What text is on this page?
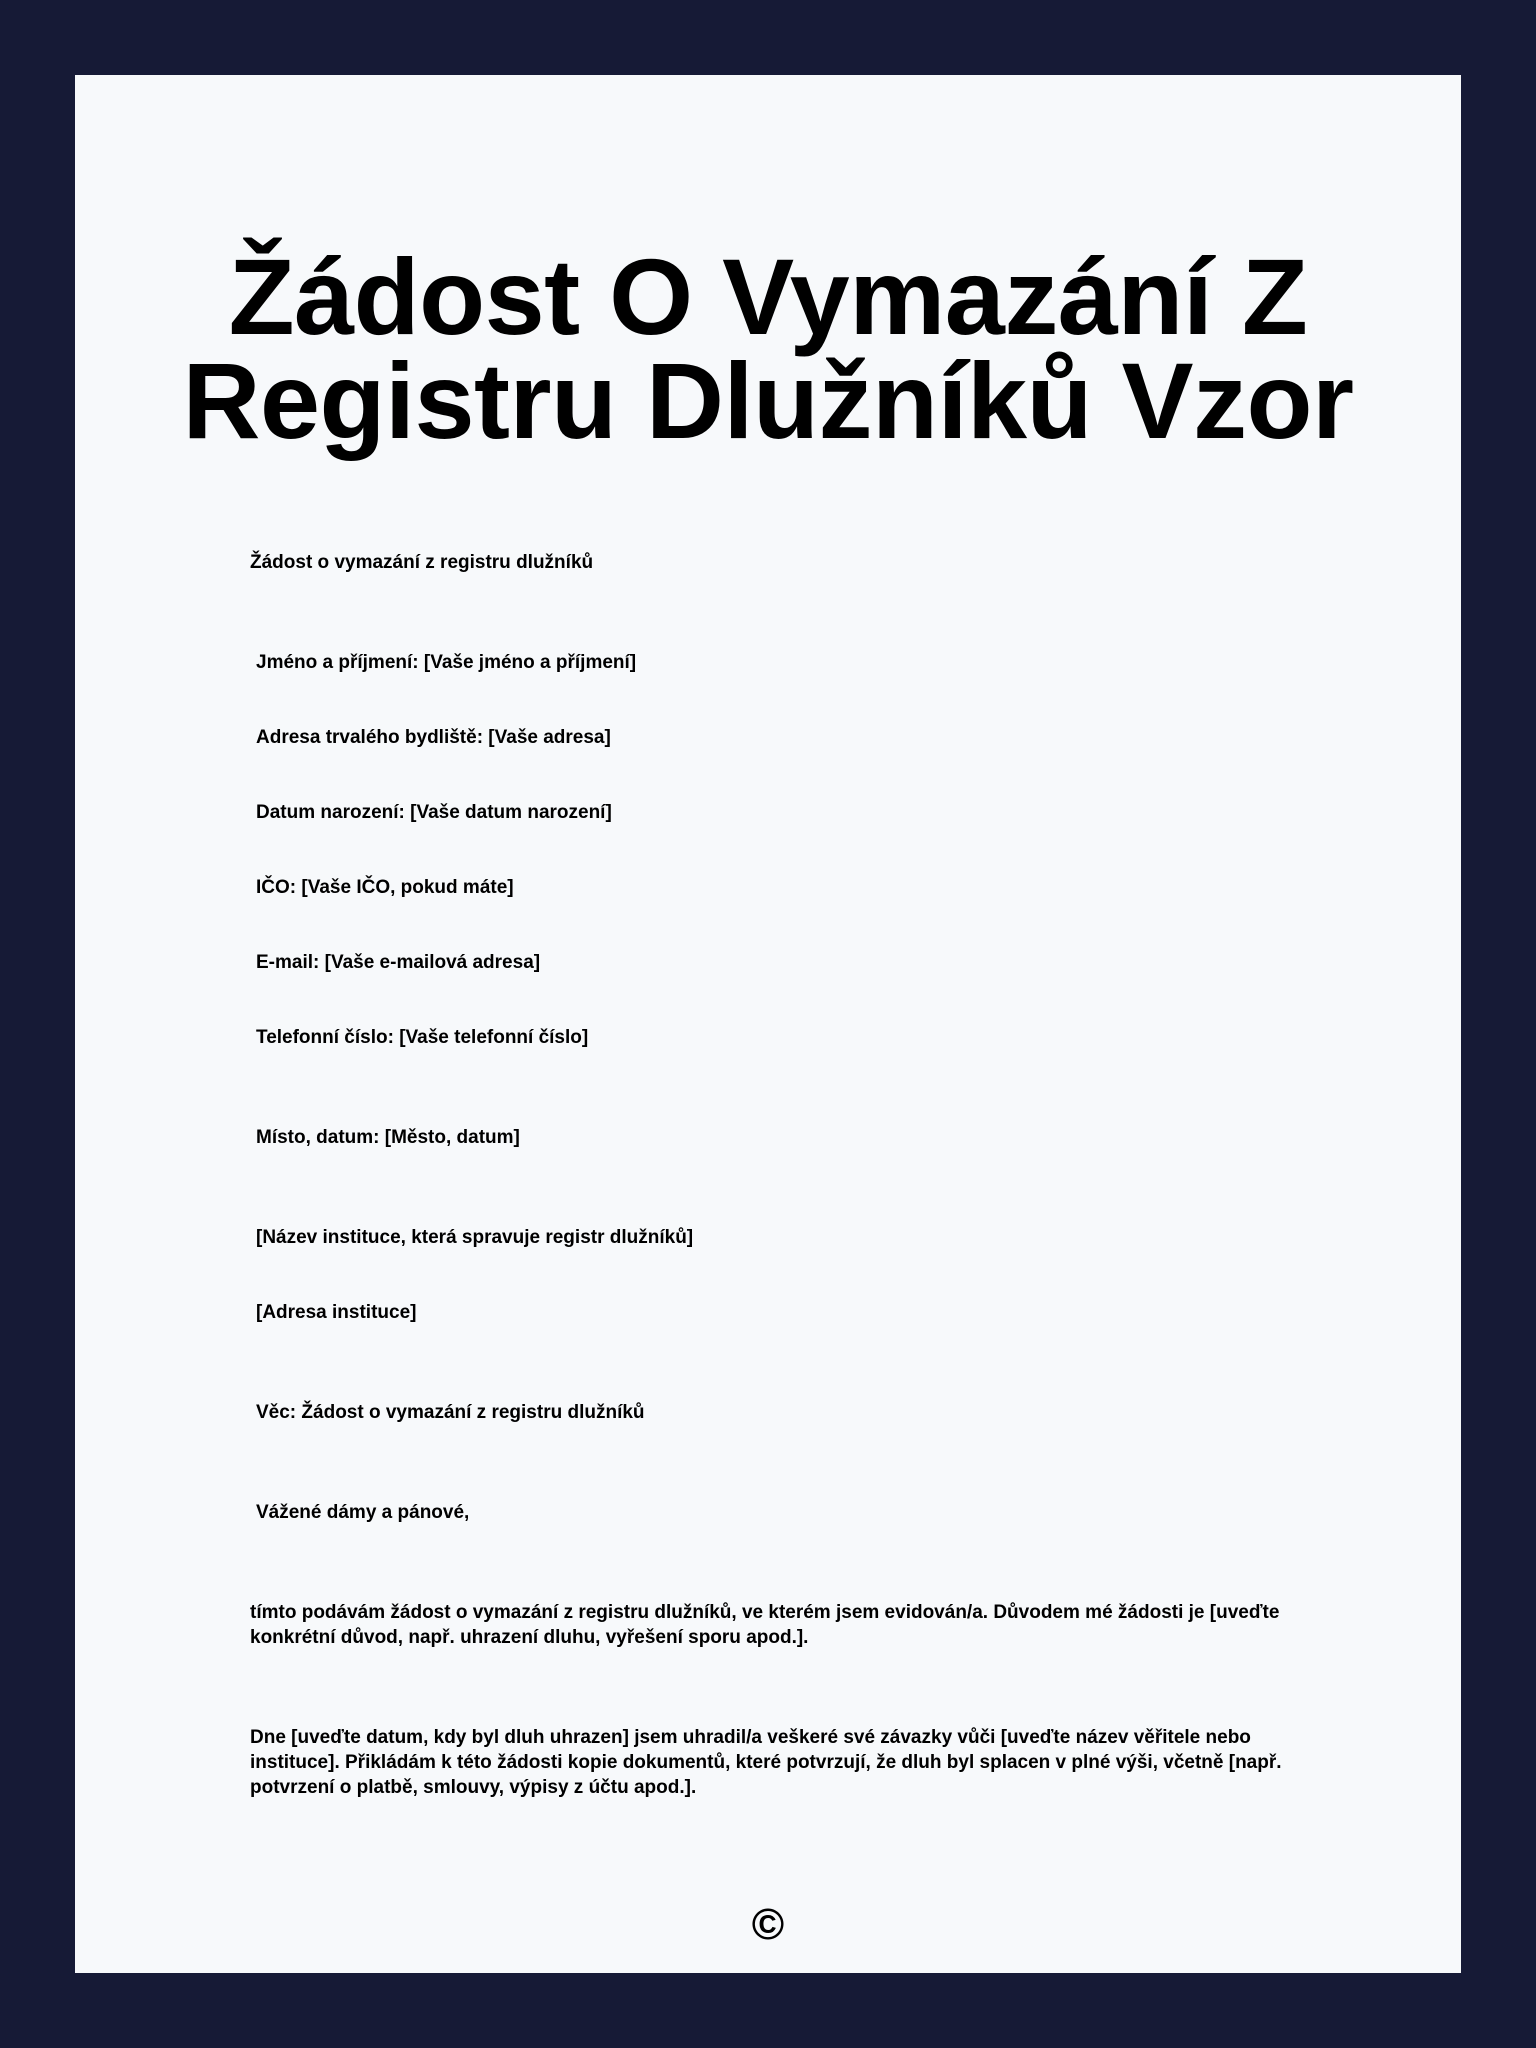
Žádost O Vymazání Z Registru Dlužníků Vzor
Žádost o vymazání z registru dlužníků
Jméno a příjmení: [Vaše jméno a příjmení]
Adresa trvalého bydliště: [Vaše adresa]
Datum narození: [Vaše datum narození]
IČO: [Vaše IČO, pokud máte]
E-mail: [Vaše e-mailová adresa]
Telefonní číslo: [Vaše telefonní číslo]
Místo, datum: [Město, datum]
[Název instituce, která spravuje registr dlužníků]
[Adresa instituce]
Věc: Žádost o vymazání z registru dlužníků
Vážené dámy a pánové,

tímto podávám žádost o vymazání z registru dlužníků, ve kterém jsem evidován/a. Důvodem mé žádosti je [uveďte konkrétní důvod, např. uhrazení dluhu, vyřešení sporu apod.].

Dne [uveďte datum, kdy byl dluh uhrazen] jsem uhradil/a veškeré své závazky vůči [uveďte název věřitele nebo instituce]. Přikládám k této žádosti kopie dokumentů, které potvrzují, že dluh byl splacen v plné výši, včetně [např. potvrzení o platbě, smlouvy, výpisy z účtu apod.].

©
